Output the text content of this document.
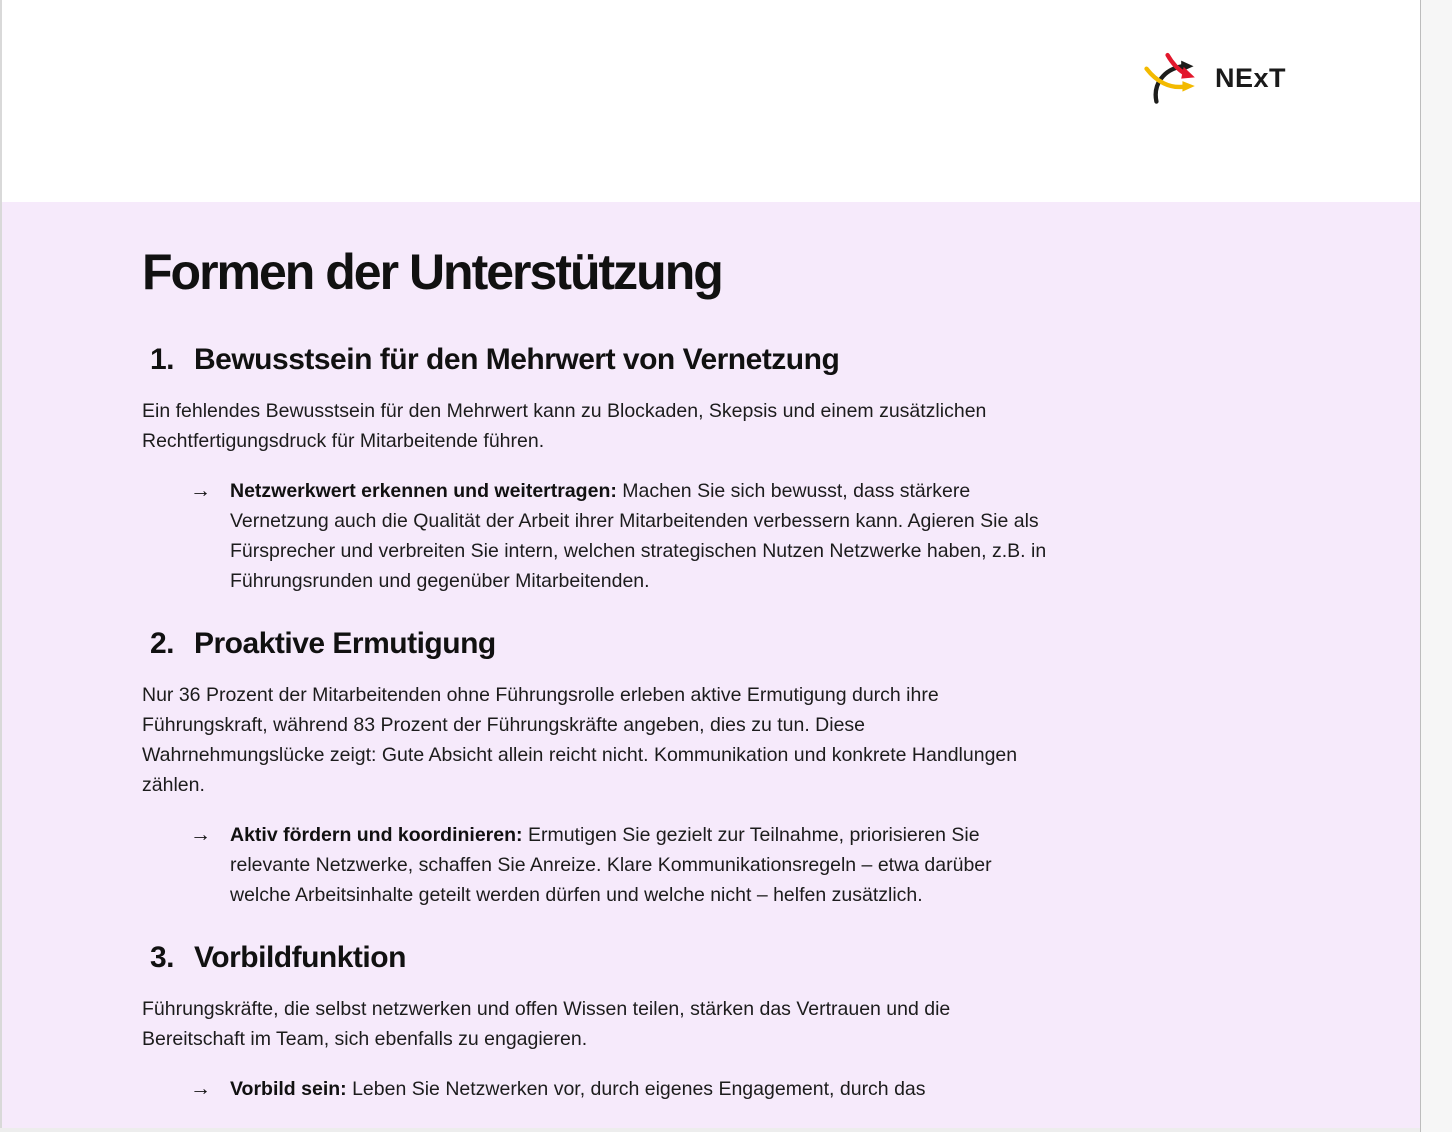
NExT
Formen der Unterstützung
1. Bewusstsein für den Mehrwert von Vernetzung

Ein fehlendes Bewusstsein für den Mehrwert kann zu Blockaden, Skepsis und einem zusätzlichen Rechtfertigungsdruck für Mitarbeitende führen.

→ Netzwerkwert erkennen und weitertragen: Machen Sie sich bewusst, dass stärkere Vernetzung auch die Qualität der Arbeit ihrer Mitarbeitenden verbessern kann. Agieren Sie als Fürsprecher und verbreiten Sie intern, welchen strategischen Nutzen Netzwerke haben, z.B. in Führungsrunden und gegenüber Mitarbeitenden.

2. Proaktive Ermutigung

Nur 36 Prozent der Mitarbeitenden ohne Führungsrolle erleben aktive Ermutigung durch ihre Führungskraft, während 83 Prozent der Führungskräfte angeben, dies zu tun. Diese Wahrnehmungslücke zeigt: Gute Absicht allein reicht nicht. Kommunikation und konkrete Handlungen zählen.

→ Aktiv fördern und koordinieren: Ermutigen Sie gezielt zur Teilnahme, priorisieren Sie relevante Netzwerke, schaffen Sie Anreize. Klare Kommunikationsregeln – etwa darüber welche Arbeitsinhalte geteilt werden dürfen und welche nicht – helfen zusätzlich.

3. Vorbildfunktion

Führungskräfte, die selbst netzwerken und offen Wissen teilen, stärken das Vertrauen und die Bereitschaft im Team, sich ebenfalls zu engagieren.

→ Vorbild sein: Leben Sie Netzwerken vor, durch eigenes Engagement, durch das
